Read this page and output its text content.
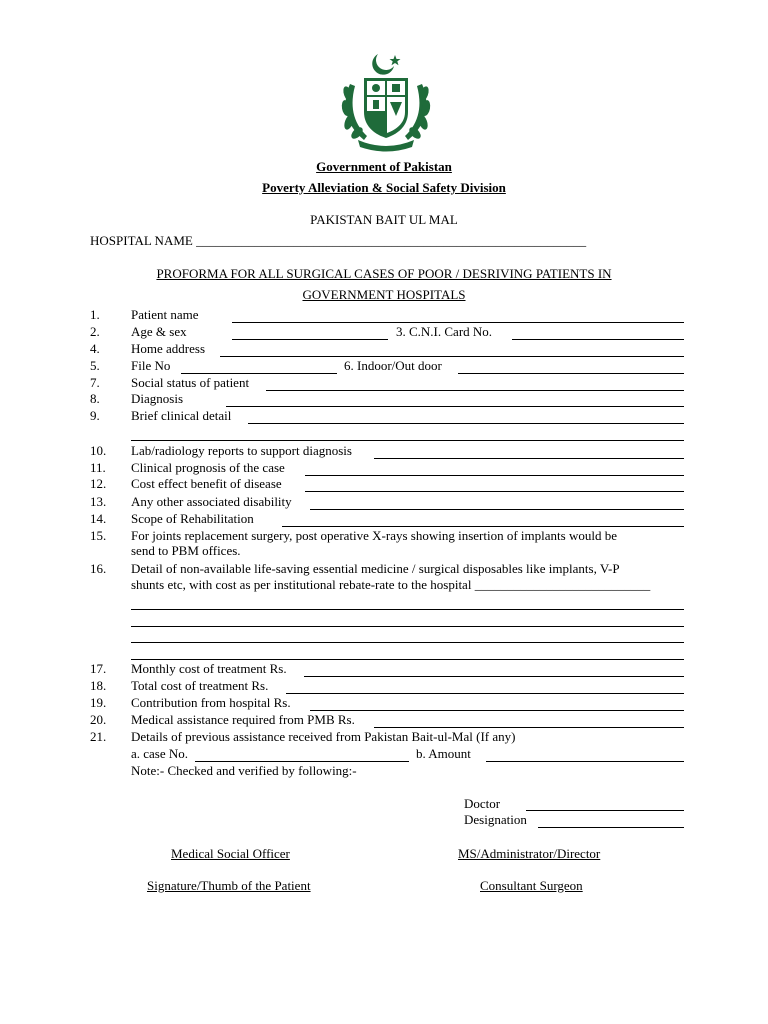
Government of Pakistan
Poverty Alleviation & Social Safety Division
PAKISTAN BAIT UL MAL
HOSPITAL NAME ____________________________________________________________
PROFORMA FOR ALL SURGICAL CASES OF POOR / DESRIVING PATIENTS IN
GOVERNMENT HOSPITALS
1. Patient name
2. Age & sex	3. C.N.I. Card No.
4. Home address
5. File No	6. Indoor/Out door
7. Social status of patient
8. Diagnosis
9. Brief clinical detail
10. Lab/radiology reports to support diagnosis
11. Clinical prognosis of the case
12. Cost effect benefit of disease
13. Any other associated disability
14. Scope of Rehabilitation
15. For joints replacement surgery, post operative X-rays showing insertion of implants would be
send to PBM offices.
16. Detail of non-available life-saving essential medicine / surgical disposables like implants, V-P
shunts etc, with cost as per institutional rebate-rate to the hospital ___________________________
17. Monthly cost of treatment Rs.
18. Total cost of treatment Rs.
19. Contribution from hospital Rs.
20. Medical assistance required from PMB Rs.
21. Details of previous assistance received from Pakistan Bait-ul-Mal (If any)
a. case No.	b. Amount
Note:- Checked and verified by following:-
Doctor
Designation
Medical Social Officer	MS/Administrator/Director
Signature/Thumb of the Patient	Consultant Surgeon
